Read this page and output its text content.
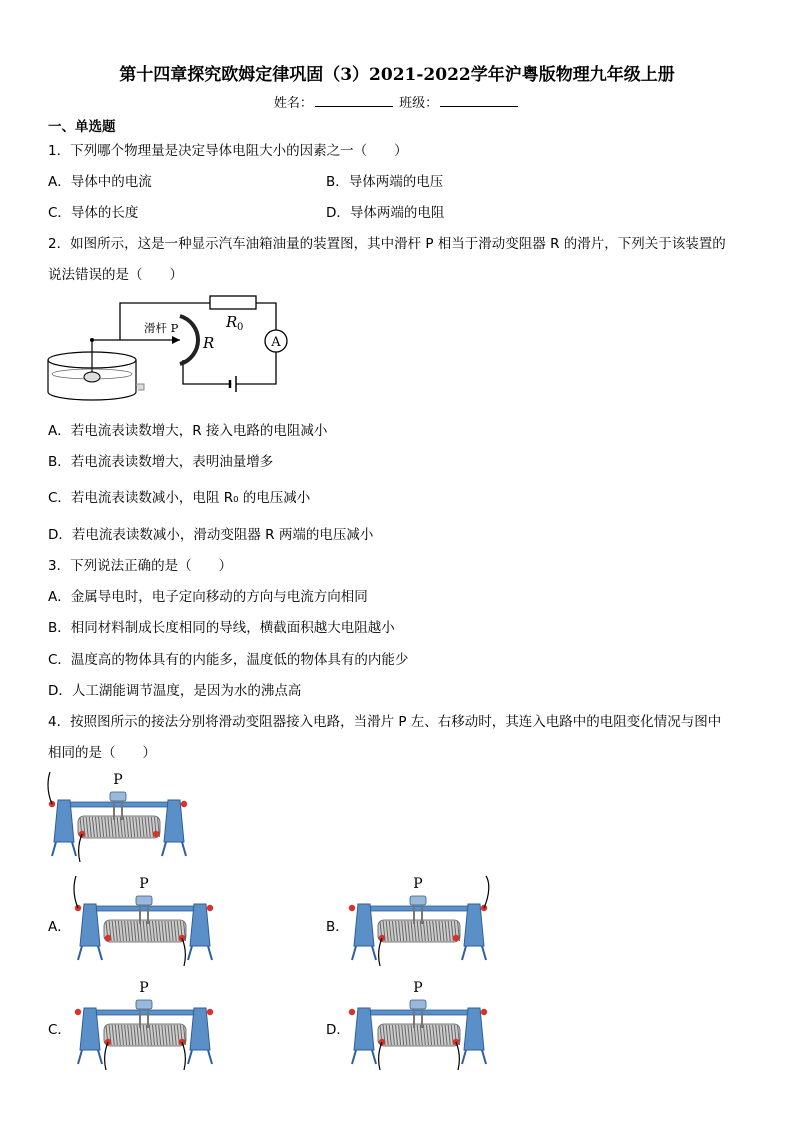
第十四章探究欧姆定律巩固（3）2021-2022学年沪粤版物理九年级上册
姓名：	班级：
一、单选题
1．下列哪个物理量是决定导体电阻大小的因素之一（　　）
A．导体中的电流	B．导体两端的电压
C．导体的长度	D．导体两端的电阻
2．如图所示，这是一种显示汽车油箱油量的装置图，其中滑杆 P 相当于滑动变阻器 R 的滑片，下列关于该装置的
说法错误的是（　　）
A
R 0
R
滑杆 P
A．若电流表读数增大，R 接入电路的电阻减小
B．若电流表读数增大，表明油量增多
C．若电流表读数减小，电阻 R₀ 的电压减小
D．若电流表读数减小，滑动变阻器 R 两端的电压减小
3．下列说法正确的是（　　）
A．金属导电时，电子定向移动的方向与电流方向相同
B．相同材料制成长度相同的导线，横截面积越大电阻越小
C．温度高的物体具有的内能多，温度低的物体具有的内能少
D．人工湖能调节温度，是因为水的沸点高
4．按照图所示的接法分别将滑动变阻器接入电路，当滑片 P 左、右移动时，其连入电路中的电阻变化情况与图中
相同的是（　　）
P
A．
P
B．
P
C．
P
D．
P
